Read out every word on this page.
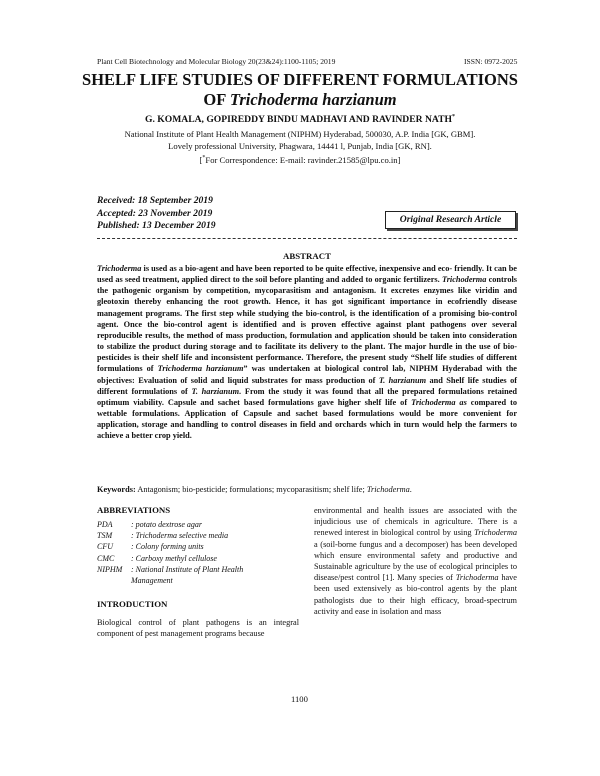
Plant Cell Biotechnology and Molecular Biology 20(23&24):1100-1105; 2019	ISSN: 0972-2025
SHELF LIFE STUDIES OF DIFFERENT FORMULATIONS
OF Trichoderma harzianum
G. KOMALA, GOPIREDDY BINDU MADHAVI AND RAVINDER NATH*
National Institute of Plant Health Management (NIPHM) Hyderabad, 500030, A.P. India [GK, GBM].
Lovely professional University, Phagwara, 14441 l, Punjab, India [GK, RN].
[*For Correspondence: E-mail: ravinder.21585@lpu.co.in]
Received: 18 September 2019
Accepted: 23 November 2019
Published: 13 December 2019
Original Research Article
ABSTRACT
Trichoderma is used as a bio-agent and have been reported to be quite effective, inexpensive and eco- friendly. It can be used as seed treatment, applied direct to the soil before planting and added to organic fertilizers. Trichoderma controls the pathogenic organism by competition, mycoparasitism and antagonism. It excretes enzymes like viridin and gleotoxin thereby enhancing the root growth. Hence, it has got significant importance in ecofriendly disease management programs. The first step while studying the bio-control, is the identification of a promising bio-control agent. Once the bio-control agent is identified and is proven effective against plant pathogens over several reproducible results, the method of mass production, formulation and application should be taken into consideration to stabilize the product during storage and to facilitate its delivery to the plant. The major hurdle in the use of bio-pesticides is their shelf life and inconsistent performance. Therefore, the present study “Shelf life studies of different formulations of Trichoderma harzianum” was undertaken at biological control lab, NIPHM Hyderabad with the objectives: Evaluation of solid and liquid substrates for mass production of T. harzianum and Shelf life studies of different formulations of T. harzianum. From the study it was found that all the prepared formulations retained optimum viability. Capsule and sachet based formulations gave higher shelf life of Trichoderma as compared to wettable formulations. Application of Capsule and sachet based formulations would be more convenient for application, storage and handling to control diseases in field and orchards which in turn would help the farmers to achieve a better crop yield.
Keywords: Antagonism; bio-pesticide; formulations; mycoparasitism; shelf life; Trichoderma.
ABBREVIATIONS
PDA	: potato dextrose agar
TSM	: Trichoderma selective media
CFU	: Colony forming units
CMC	: Carboxy methyl cellulose
NIPHM	: National Institute of Plant Health Management
INTRODUCTION
Biological control of plant pathogens is an integral component of pest management programs because
environmental and health issues are associated with the injudicious use of chemicals in agriculture. There is a renewed interest in biological control by using Trichoderma a (soil-borne fungus and a decomposer) has been developed which ensure environmental safety and productive and Sustainable agriculture by the use of ecological principles to disease/pest control [1]. Many species of Trichoderma have been used extensively as bio-control agents by the plant pathologists due to their high efficacy, broad-spectrum activity and ease in isolation and mass
1100
